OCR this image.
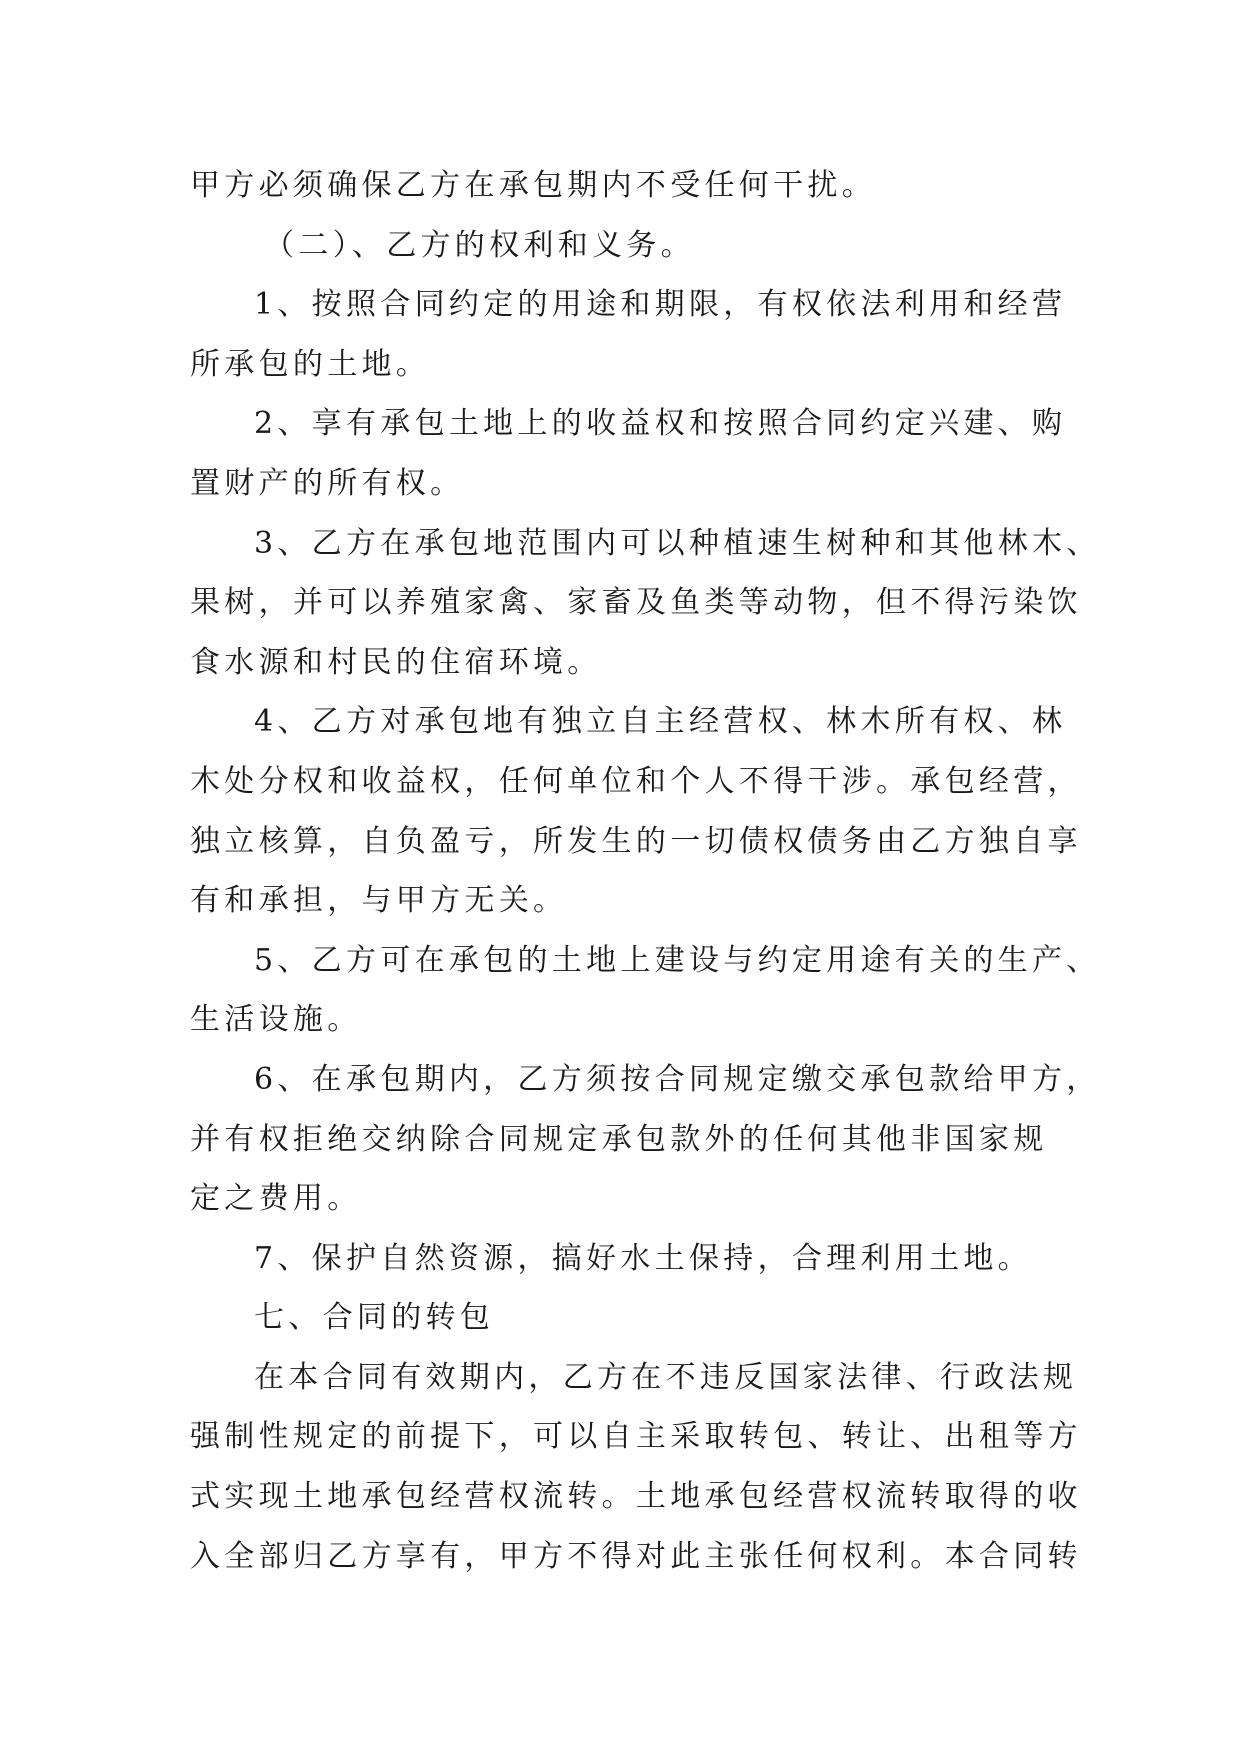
甲方必须确保乙方在承包期内不受任何干扰。
（二）、乙方的权利和义务。
1、按照合同约定的用途和期限，有权依法利用和经营
所承包的土地。
2、享有承包土地上的收益权和按照合同约定兴建、购
置财产的所有权。
3、乙方在承包地范围内可以种植速生树种和其他林木、
果树，并可以养殖家禽、家畜及鱼类等动物，但不得污染饮
食水源和村民的住宿环境。
4、乙方对承包地有独立自主经营权、林木所有权、林
木处分权和收益权，任何单位和个人不得干涉。承包经营，
独立核算，自负盈亏，所发生的一切债权债务由乙方独自享
有和承担，与甲方无关。
5、乙方可在承包的土地上建设与约定用途有关的生产、
生活设施。
6、在承包期内，乙方须按合同规定缴交承包款给甲方，
并有权拒绝交纳除合同规定承包款外的任何其他非国家规
定之费用。
7、保护自然资源，搞好水土保持，合理利用土地。
七、合同的转包
在本合同有效期内，乙方在不违反国家法律、行政法规
强制性规定的前提下，可以自主采取转包、转让、出租等方
式实现土地承包经营权流转。土地承包经营权流转取得的收
入全部归乙方享有，甲方不得对此主张任何权利。本合同转
